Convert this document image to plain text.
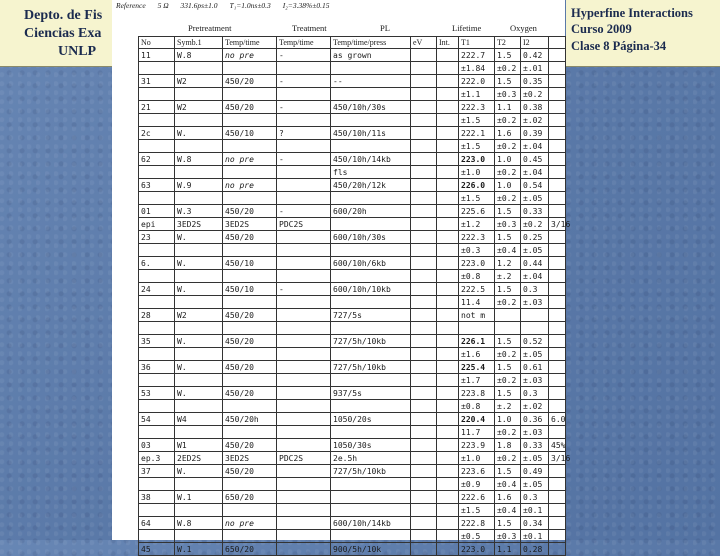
Depto. de Fis
Ciencias Exa
UNLP
Hyperfine Interactions
Curso 2009
Clase 8 Página-34
Reference 5 Ω 331.6ps±1.0 T₁=1.0ns±0.3 I₂=3.38%±0.15
Pretreatment	Treatment	PL	Lifetime	Oxygen
No	Symb.1	Temp/time	Temp/time	Temp/time/press	eV	Int.	T1	T2	I2	
11	W.8	no pre	-	as grown			222.7	1.5	0.42	
							±1.84	±0.2	±.01	
31	W2	450/20	-	--			222.0	1.5	0.35	
							±1.1	±0.3	±0.2	
21	W2	450/20	-	450/10h/30s			222.3	1.1	0.38	
							±1.5	±0.2	±.02	
2c	W.	450/10	?	450/10h/11s			222.1	1.6	0.39	
							±1.5	±0.2	±.04	
62	W.8	no pre	-	450/10h/14kb			223.0	1.0	0.45	
				fls			±1.0	±0.2	±.04	
63	W.9	no pre		450/20h/12k			226.0	1.0	0.54	
							±1.5	±0.2	±.05	
01	W.3	450/20	-	600/20h			225.6	1.5	0.33	
epi	3ED2S	3ED2S	PDC2S				±1.2	±0.3	±0.2	3/16
23	W.	450/20		600/10h/30s			222.3	1.5	0.25	
							±0.3	±0.4	±.05	
6.	W.	450/10		600/10h/6kb			223.0	1.2	0.44	
							±0.8	±.2	±.04	
24	W.	450/10	-	600/10h/10kb			222.5	1.5	0.3	
							11.4	±0.2	±.03	
28	W2	450/20		727/5s			not m			

35	W.	450/20		727/5h/10kb			226.1	1.5	0.52	
							±1.6	±0.2	±.05	
36	W.	450/20		727/5h/10kb			225.4	1.5	0.61	
							±1.7	±0.2	±.03	
53	W.	450/20		937/5s			223.8	1.5	0.3	
							±0.8	±.2	±.02	
54	W4	450/20h		1050/20s			220.4	1.0	0.36	6.0
							11.7	±0.2	±.03	
03	W1	450/20		1050/30s			223.9	1.8	0.33	45%
ep.3	2ED2S	3ED2S	PDC2S	2e.5h			±1.0	±0.2	±.05	3/16
37	W.	450/20		727/5h/10kb			223.6	1.5	0.49	
							±0.9	±0.4	±.05	
38	W.1	650/20					222.6	1.6	0.3	
							±1.5	±0.4	±0.1	
64	W.8	no pre		600/10h/14kb			222.8	1.5	0.34	
							±0.5	±0.3	±0.1	
45	W.1	650/20		900/5h/10k			223.0	1.1	0.28	
